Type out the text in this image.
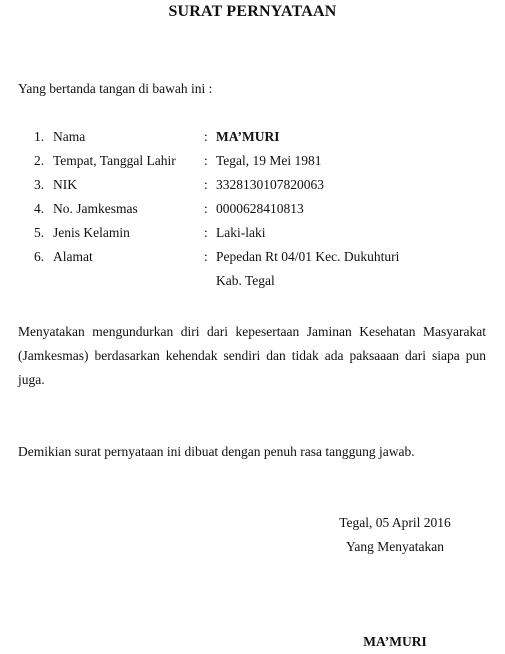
SURAT PERNYATAAN
Yang bertanda tangan di bawah ini :
1. Nama	: MA’MURI
2. Tempat, Tanggal Lahir : Tegal, 19 Mei 1981
3. NIK	: 3328130107820063
4. No. Jamkesmas	: 0000628410813
5. Jenis Kelamin	: Laki-laki
6. Alamat	: Pepedan Rt 04/01 Kec. Dukuhturi
Kab. Tegal
Menyatakan mengundurkan diri dari kepesertaan Jaminan Kesehatan Masyarakat (Jamkesmas) berdasarkan kehendak sendiri dan tidak ada paksaaan dari siapa pun juga.
Demikian surat pernyataan ini dibuat dengan penuh rasa tanggung jawab.
Tegal, 05 April 2016
Yang Menyatakan
MA’MURI
